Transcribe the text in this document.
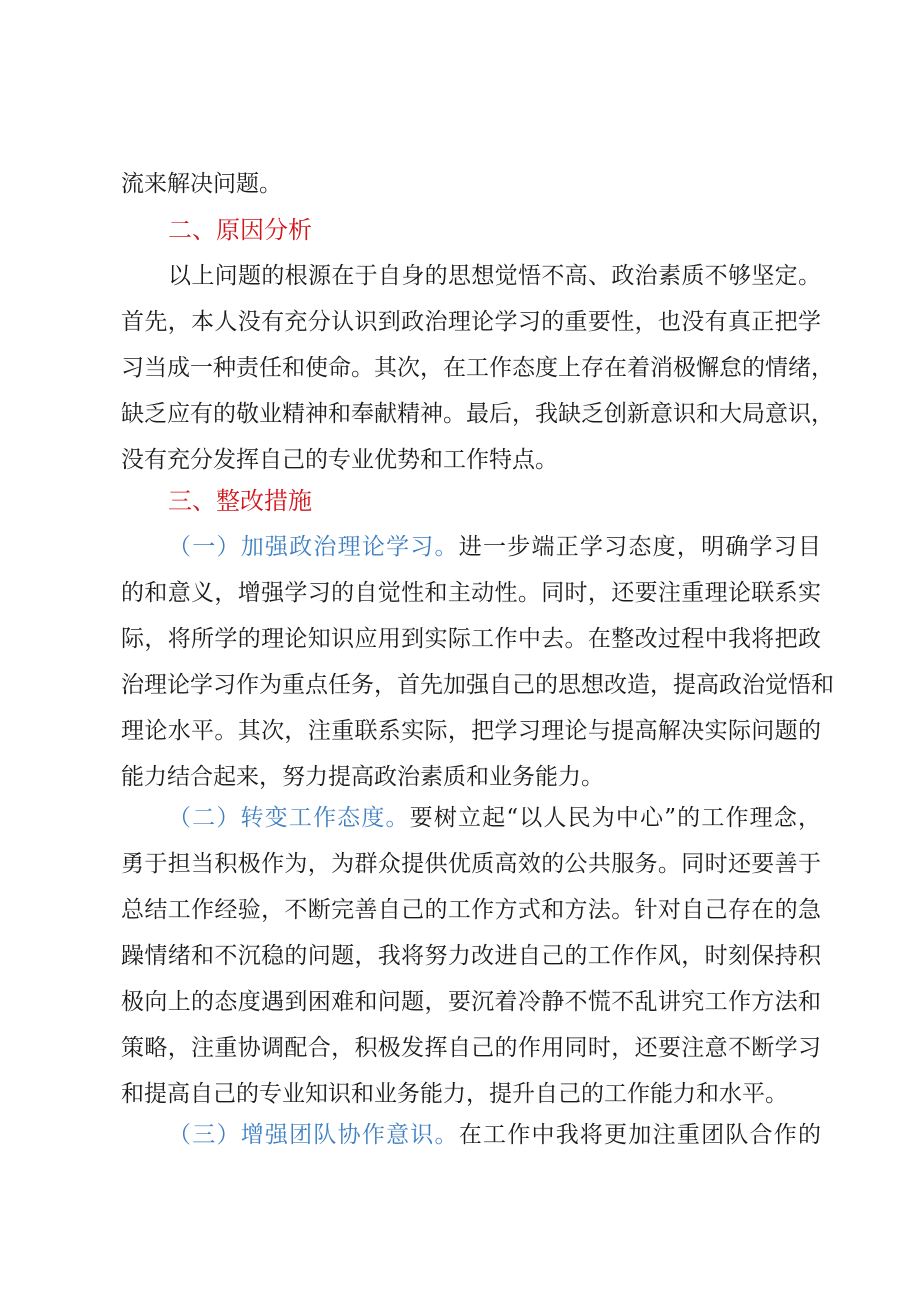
流来解决问题。
二、原因分析
以上问题的根源在于自身的思想觉悟不高、政治素质不够坚定。
首先，本人没有充分认识到政治理论学习的重要性，也没有真正把学
习当成一种责任和使命。其次，在工作态度上存在着消极懈怠的情绪，
缺乏应有的敬业精神和奉献精神。最后，我缺乏创新意识和大局意识，
没有充分发挥自己的专业优势和工作特点。
三、整改措施
（一）加强政治理论学习。进一步端正学习态度，明确学习目
的和意义，增强学习的自觉性和主动性。同时，还要注重理论联系实
际，将所学的理论知识应用到实际工作中去。在整改过程中我将把政
治理论学习作为重点任务，首先加强自己的思想改造，提高政治觉悟和
理论水平。其次，注重联系实际，把学习理论与提高解决实际问题的
能力结合起来，努力提高政治素质和业务能力。
（二）转变工作态度。要树立起“以人民为中心”的工作理念，
勇于担当积极作为，为群众提供优质高效的公共服务。同时还要善于
总结工作经验，不断完善自己的工作方式和方法。针对自己存在的急
躁情绪和不沉稳的问题，我将努力改进自己的工作作风，时刻保持积
极向上的态度遇到困难和问题，要沉着冷静不慌不乱讲究工作方法和
策略，注重协调配合，积极发挥自己的作用同时，还要注意不断学习
和提高自己的专业知识和业务能力，提升自己的工作能力和水平。
（三）增强团队协作意识。在工作中我将更加注重团队合作的
